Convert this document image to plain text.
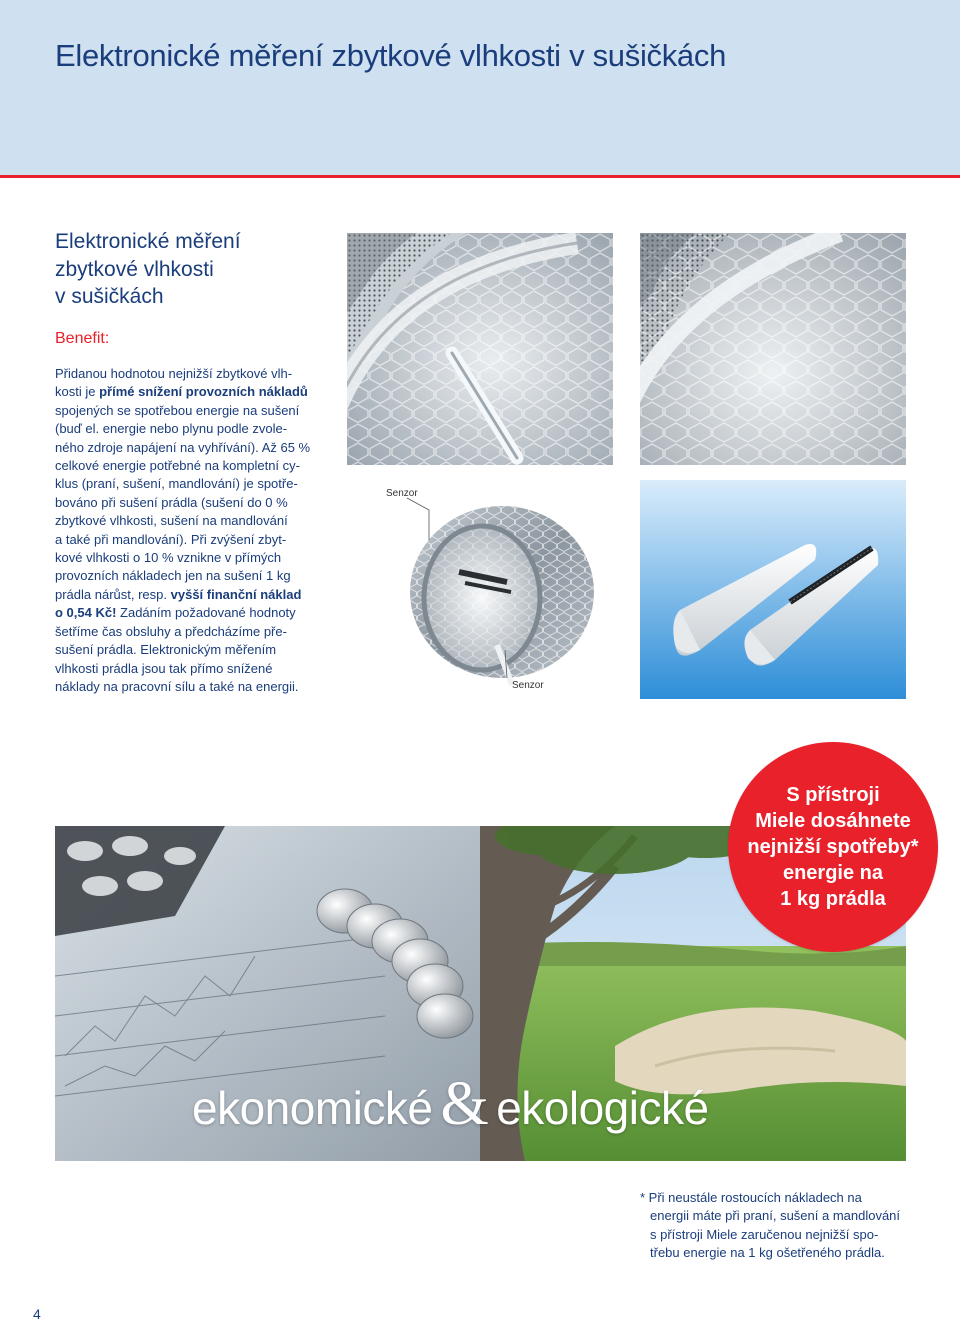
Elektronické měření zbytkové vlhkosti v sušičkách
Elektronické měření
zbytkové vlhkosti
v sušičkách
Benefit:
Přidanou hodnotou nejnižší zbytkové vlh-
kosti je přímé snížení provozních nákladů
spojených se spotřebou energie na sušení
(buď el. energie nebo plynu podle zvole-
ného zdroje napájení na vyhřívání). Až 65 %
celkové energie potřebné na kompletní cy-
klus (praní, sušení, mandlování) je spotře-
bováno při sušení prádla (sušení do 0 %
zbytkové vlhkosti, sušení na mandlování
a také při mandlování). Při zvýšení zbyt-
kové vlhkosti o 10 % vznikne v přímých
provozních nákladech jen na sušení 1 kg
prádla nárůst, resp. vyšší finanční náklad
o 0,54 Kč! Zadáním požadované hodnoty
šetříme čas obsluhy a předcházíme pře-
sušení prádla. Elektronickým měřením
vlhkosti prádla jsou tak přímo snížené
náklady na pracovní sílu a také na energii.
Senzor
Senzor
ekonomické & ekologické
S přístroji
Miele dosáhnete
nejnižší spotřeby*
energie na
1 kg prádla
* Při neustále rostoucích nákladech na
energii máte při praní, sušení a mandlování
s přístroji Miele zaručenou nejnižší spo-
třebu energie na 1 kg ošetřeného prádla.
4
